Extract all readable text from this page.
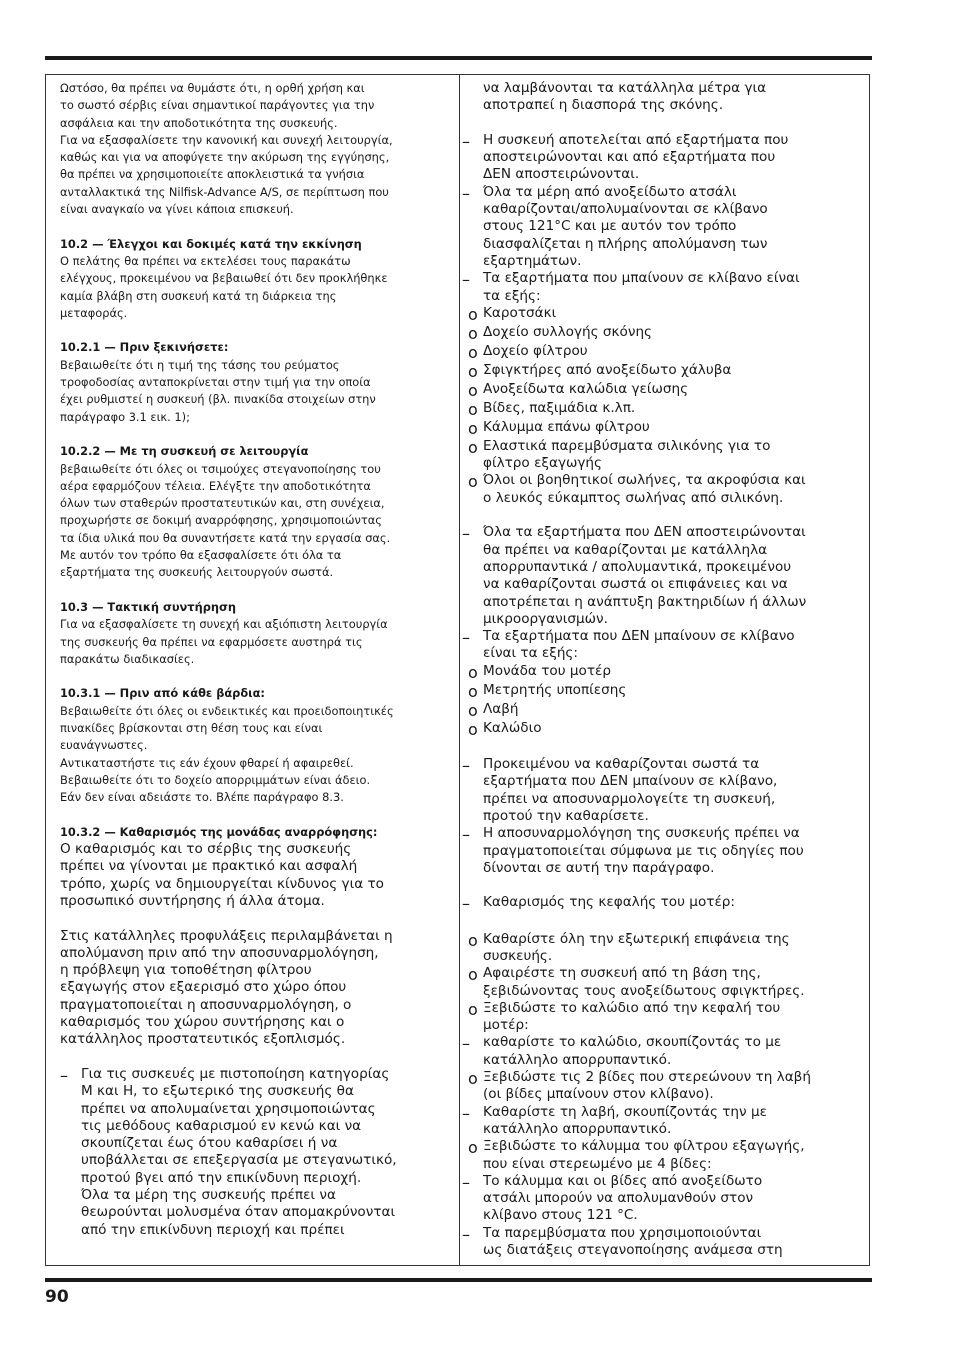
Ωστόσο, θα πρέπει να θυμάστε ότι, η ορθή χρήση και

το σωστό σέρβις είναι σημαντικοί παράγοντες για την

ασφάλεια και την αποδοτικότητα της συσκευής.

Για να εξασφαλίσετε την κανονική και συνεχή λειτουργία,

καθώς και για να αποφύγετε την ακύρωση της εγγύησης,

θα πρέπει να χρησιμοποιείτε αποκλειστικά τα γνήσια

ανταλλακτικά της Nilfisk-Advance A/S, σε περίπτωση που

είναι αναγκαίο να γίνει κάποια επισκευή.

10.2 — Έλεγχοι και δοκιμές κατά την εκκίνηση

Ο πελάτης θα πρέπει να εκτελέσει τους παρακάτω

ελέγχους, προκειμένου να βεβαιωθεί ότι δεν προκλήθηκε

καμία βλάβη στη συσκευή κατά τη διάρκεια της

μεταφοράς.

10.2.1 — Πριν ξεκινήσετε:

Βεβαιωθείτε ότι η τιμή της τάσης του ρεύματος

τροφοδοσίας ανταποκρίνεται στην τιμή για την οποία

έχει ρυθμιστεί η συσκευή (βλ. πινακίδα στοιχείων στην

παράγραφο 3.1 εικ. 1);

10.2.2 — Με τη συσκευή σε λειτουργία

βεβαιωθείτε ότι όλες οι τσιμούχες στεγανοποίησης του

αέρα εφαρμόζουν τέλεια. Ελέγξτε την αποδοτικότητα

όλων των σταθερών προστατευτικών και, στη συνέχεια,

προχωρήστε σε δοκιμή αναρρόφησης, χρησιμοποιώντας

τα ίδια υλικά που θα συναντήσετε κατά την εργασία σας.

Με αυτόν τον τρόπο θα εξασφαλίσετε ότι όλα τα

εξαρτήματα της συσκευής λειτουργούν σωστά.

10.3 — Τακτική συντήρηση

Για να εξασφαλίσετε τη συνεχή και αξιόπιστη λειτουργία

της συσκευής θα πρέπει να εφαρμόσετε αυστηρά τις

παρακάτω διαδικασίες.

10.3.1 — Πριν από κάθε βάρδια:

Βεβαιωθείτε ότι όλες οι ενδεικτικές και προειδοποιητικές

πινακίδες βρίσκονται στη θέση τους και είναι

ευανάγνωστες.

Αντικαταστήστε τις εάν έχουν φθαρεί ή αφαιρεθεί.

Βεβαιωθείτε ότι το δοχείο απορριμμάτων είναι άδειο.

Εάν δεν είναι αδειάστε το. Βλέπε παράγραφο 8.3.

10.3.2 — Καθαρισμός της μονάδας αναρρόφησης:

Ο καθαρισμός και το σέρβις της συσκευής

πρέπει να γίνονται με πρακτικό και ασφαλή

τρόπο, χωρίς να δημιουργείται κίνδυνος για το

προσωπικό συντήρησης ή άλλα άτομα.

Στις κατάλληλες προφυλάξεις περιλαμβάνεται η

απολύμανση πριν από την αποσυναρμολόγηση,

η πρόβλεψη για τοποθέτηση φίλτρου

εξαγωγής στον εξαερισμό στο χώρο όπου

πραγματοποιείται η αποσυναρμολόγηση, ο

καθαρισμός του χώρου συντήρησης και ο

κατάλληλος προστατευτικός εξοπλισμός.

– Για τις συσκευές με πιστοποίηση κατηγορίας

M και H, το εξωτερικό της συσκευής θα

πρέπει να απολυμαίνεται χρησιμοποιώντας

τις μεθόδους καθαρισμού εν κενώ και να

σκουπίζεται έως ότου καθαρίσει ή να

υποβάλλεται σε επεξεργασία με στεγανωτικό,

προτού βγει από την επικίνδυνη περιοχή.

Όλα τα μέρη της συσκευής πρέπει να

θεωρούνται μολυσμένα όταν απομακρύνονται

από την επικίνδυνη περιοχή και πρέπει

να λαμβάνονται τα κατάλληλα μέτρα για

αποτραπεί η διασπορά της σκόνης.

– Η συσκευή αποτελείται από εξαρτήματα που

αποστειρώνονται και από εξαρτήματα που

ΔΕΝ αποστειρώνονται.

– Όλα τα μέρη από ανοξείδωτο ατσάλι

καθαρίζονται/απολυμαίνονται σε κλίβανο

στους 121°C και με αυτόν τον τρόπο

διασφαλίζεται η πλήρης απολύμανση των

εξαρτημάτων.

– Τα εξαρτήματα που μπαίνουν σε κλίβανο είναι

τα εξής:

o Καροτσάκι

o Δοχείο συλλογής σκόνης

o Δοχείο φίλτρου

o Σφιγκτήρες από ανοξείδωτο χάλυβα

o Ανοξείδωτα καλώδια γείωσης

o Βίδες, παξιμάδια κ.λπ.

o Κάλυμμα επάνω φίλτρου

o Ελαστικά παρεμβύσματα σιλικόνης για το

φίλτρο εξαγωγής

o Όλοι οι βοηθητικοί σωλήνες, τα ακροφύσια και

ο λευκός εύκαμπτος σωλήνας από σιλικόνη.

– Όλα τα εξαρτήματα που ΔΕΝ αποστειρώνονται

θα πρέπει να καθαρίζονται με κατάλληλα

απορρυπαντικά / απολυμαντικά, προκειμένου

να καθαρίζονται σωστά οι επιφάνειες και να

αποτρέπεται η ανάπτυξη βακτηριδίων ή άλλων

μικροοργανισμών.

– Τα εξαρτήματα που ΔΕΝ μπαίνουν σε κλίβανο

είναι τα εξής:

o Μονάδα του μοτέρ

o Μετρητής υποπίεσης

o Λαβή

o Καλώδιο

– Προκειμένου να καθαρίζονται σωστά τα

εξαρτήματα που ΔΕΝ μπαίνουν σε κλίβανο,

πρέπει να αποσυναρμολογείτε τη συσκευή,

προτού την καθαρίσετε.

– Η αποσυναρμολόγηση της συσκευής πρέπει να

πραγματοποιείται σύμφωνα με τις οδηγίες που

δίνονται σε αυτή την παράγραφο.

– Καθαρισμός της κεφαλής του μοτέρ:

o Καθαρίστε όλη την εξωτερική επιφάνεια της

συσκευής.

o Αφαιρέστε τη συσκευή από τη βάση της,

ξεβιδώνοντας τους ανοξείδωτους σφιγκτήρες.

o Ξεβιδώστε το καλώδιο από την κεφαλή του

μοτέρ:

– καθαρίστε το καλώδιο, σκουπίζοντάς το με

κατάλληλο απορρυπαντικό.

o Ξεβιδώστε τις 2 βίδες που στερεώνουν τη λαβή

(οι βίδες μπαίνουν στον κλίβανο).

– Καθαρίστε τη λαβή, σκουπίζοντάς την με

κατάλληλο απορρυπαντικό.

o Ξεβιδώστε το κάλυμμα του φίλτρου εξαγωγής,

που είναι στερεωμένο με 4 βίδες:

– Το κάλυμμα και οι βίδες από ανοξείδωτο

ατσάλι μπορούν να απολυμανθούν στον

κλίβανο στους 121 °C.

– Τα παρεμβύσματα που χρησιμοποιούνται

ως διατάξεις στεγανοποίησης ανάμεσα στη

90
